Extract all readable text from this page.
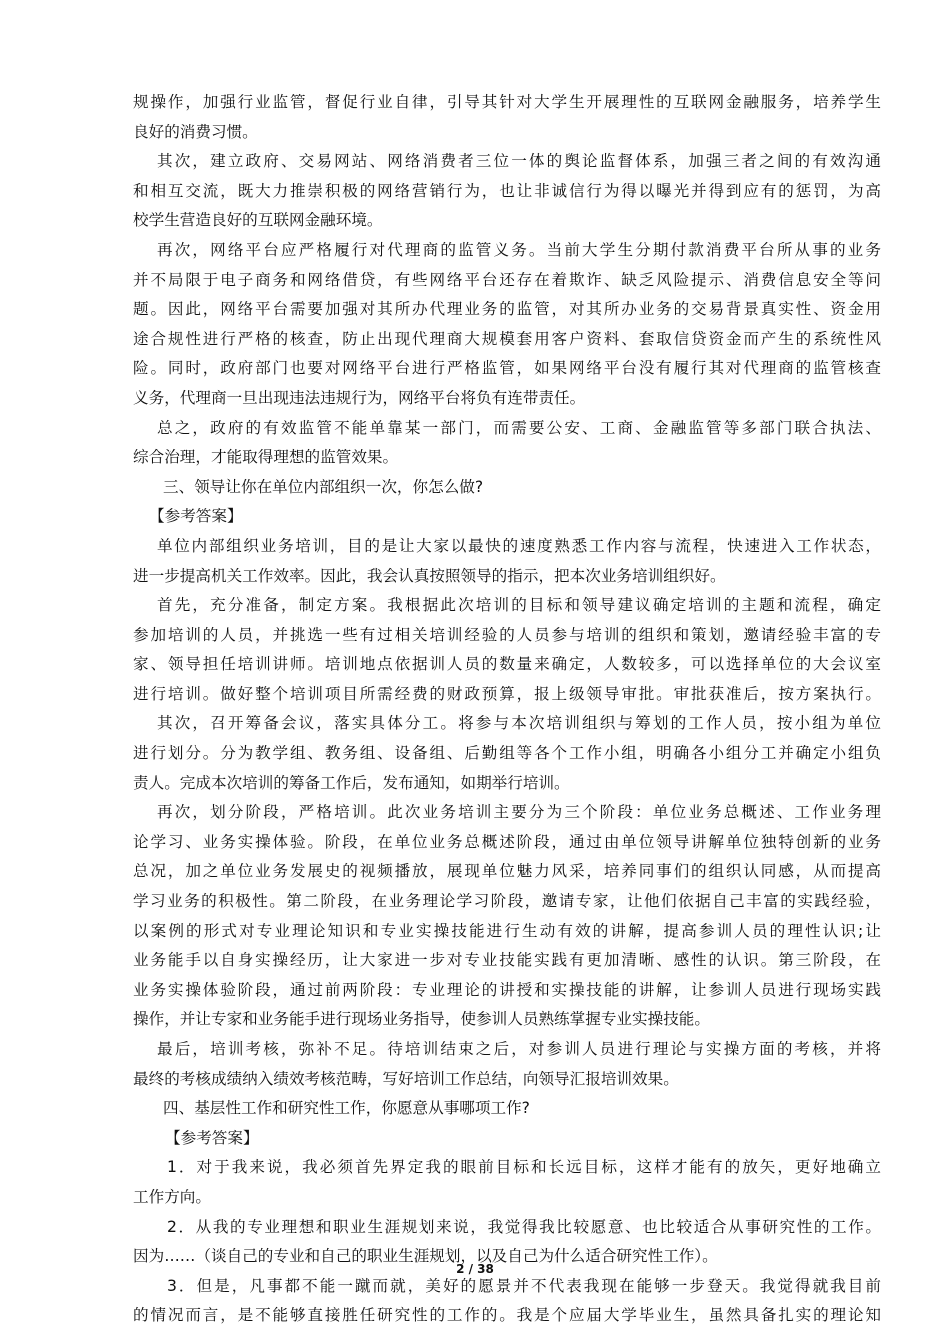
规操作，加强行业监管，督促行业自律，引导其针对大学生开展理性的互联网金融服务，培养学生
良好的消费习惯。
其次，建立政府、交易网站、网络消费者三位一体的舆论监督体系，加强三者之间的有效沟通
和相互交流，既大力推崇积极的网络营销行为，也让非诚信行为得以曝光并得到应有的惩罚，为高
校学生营造良好的互联网金融环境。
再次，网络平台应严格履行对代理商的监管义务。当前大学生分期付款消费平台所从事的业务
并不局限于电子商务和网络借贷，有些网络平台还存在着欺诈、缺乏风险提示、消费信息安全等问
题。因此，网络平台需要加强对其所办代理业务的监管，对其所办业务的交易背景真实性、资金用
途合规性进行严格的核查，防止出现代理商大规模套用客户资料、套取信贷资金而产生的系统性风
险。同时，政府部门也要对网络平台进行严格监管，如果网络平台没有履行其对代理商的监管核查
义务，代理商一旦出现违法违规行为，网络平台将负有连带责任。
总之，政府的有效监管不能单靠某一部门，而需要公安、工商、金融监管等多部门联合执法、
综合治理，才能取得理想的监管效果。
三、领导让你在单位内部组织一次，你怎么做?
【参考答案】
单位内部组织业务培训，目的是让大家以最快的速度熟悉工作内容与流程，快速进入工作状态，
进一步提高机关工作效率。因此，我会认真按照领导的指示，把本次业务培训组织好。
首先，充分准备，制定方案。我根据此次培训的目标和领导建议确定培训的主题和流程，确定
参加培训的人员，并挑选一些有过相关培训经验的人员参与培训的组织和策划，邀请经验丰富的专
家、领导担任培训讲师。培训地点依据训人员的数量来确定，人数较多，可以选择单位的大会议室
进行培训。做好整个培训项目所需经费的财政预算，报上级领导审批。审批获准后，按方案执行。
其次，召开筹备会议，落实具体分工。将参与本次培训组织与筹划的工作人员，按小组为单位
进行划分。分为教学组、教务组、设备组、后勤组等各个工作小组，明确各小组分工并确定小组负
责人。完成本次培训的筹备工作后，发布通知，如期举行培训。
再次，划分阶段，严格培训。此次业务培训主要分为三个阶段：单位业务总概述、工作业务理
论学习、业务实操体验。阶段，在单位业务总概述阶段，通过由单位领导讲解单位独特创新的业务
总况，加之单位业务发展史的视频播放，展现单位魅力风采，培养同事们的组织认同感，从而提高
学习业务的积极性。第二阶段，在业务理论学习阶段，邀请专家，让他们依据自己丰富的实践经验，
以案例的形式对专业理论知识和专业实操技能进行生动有效的讲解，提高参训人员的理性认识;让
业务能手以自身实操经历，让大家进一步对专业技能实践有更加清晰、感性的认识。第三阶段，在
业务实操体验阶段，通过前两阶段：专业理论的讲授和实操技能的讲解，让参训人员进行现场实践
操作，并让专家和业务能手进行现场业务指导，使参训人员熟练掌握专业实操技能。
最后，培训考核，弥补不足。待培训结束之后，对参训人员进行理论与实操方面的考核，并将
最终的考核成绩纳入绩效考核范畴，写好培训工作总结，向领导汇报培训效果。
四、基层性工作和研究性工作，你愿意从事哪项工作?
【参考答案】
1．对于我来说，我必须首先界定我的眼前目标和长远目标，这样才能有的放矢，更好地确立
工作方向。
2．从我的专业理想和职业生涯规划来说，我觉得我比较愿意、也比较适合从事研究性的工作。
因为……（谈自己的专业和自己的职业生涯规划，以及自己为什么适合研究性工作）。
3．但是，凡事都不能一蹴而就，美好的愿景并不代表我现在能够一步登天。我觉得就我目前
的情况而言，是不能够直接胜任研究性的工作的。我是个应届大学毕业生，虽然具备扎实的理论知
2 / 38
